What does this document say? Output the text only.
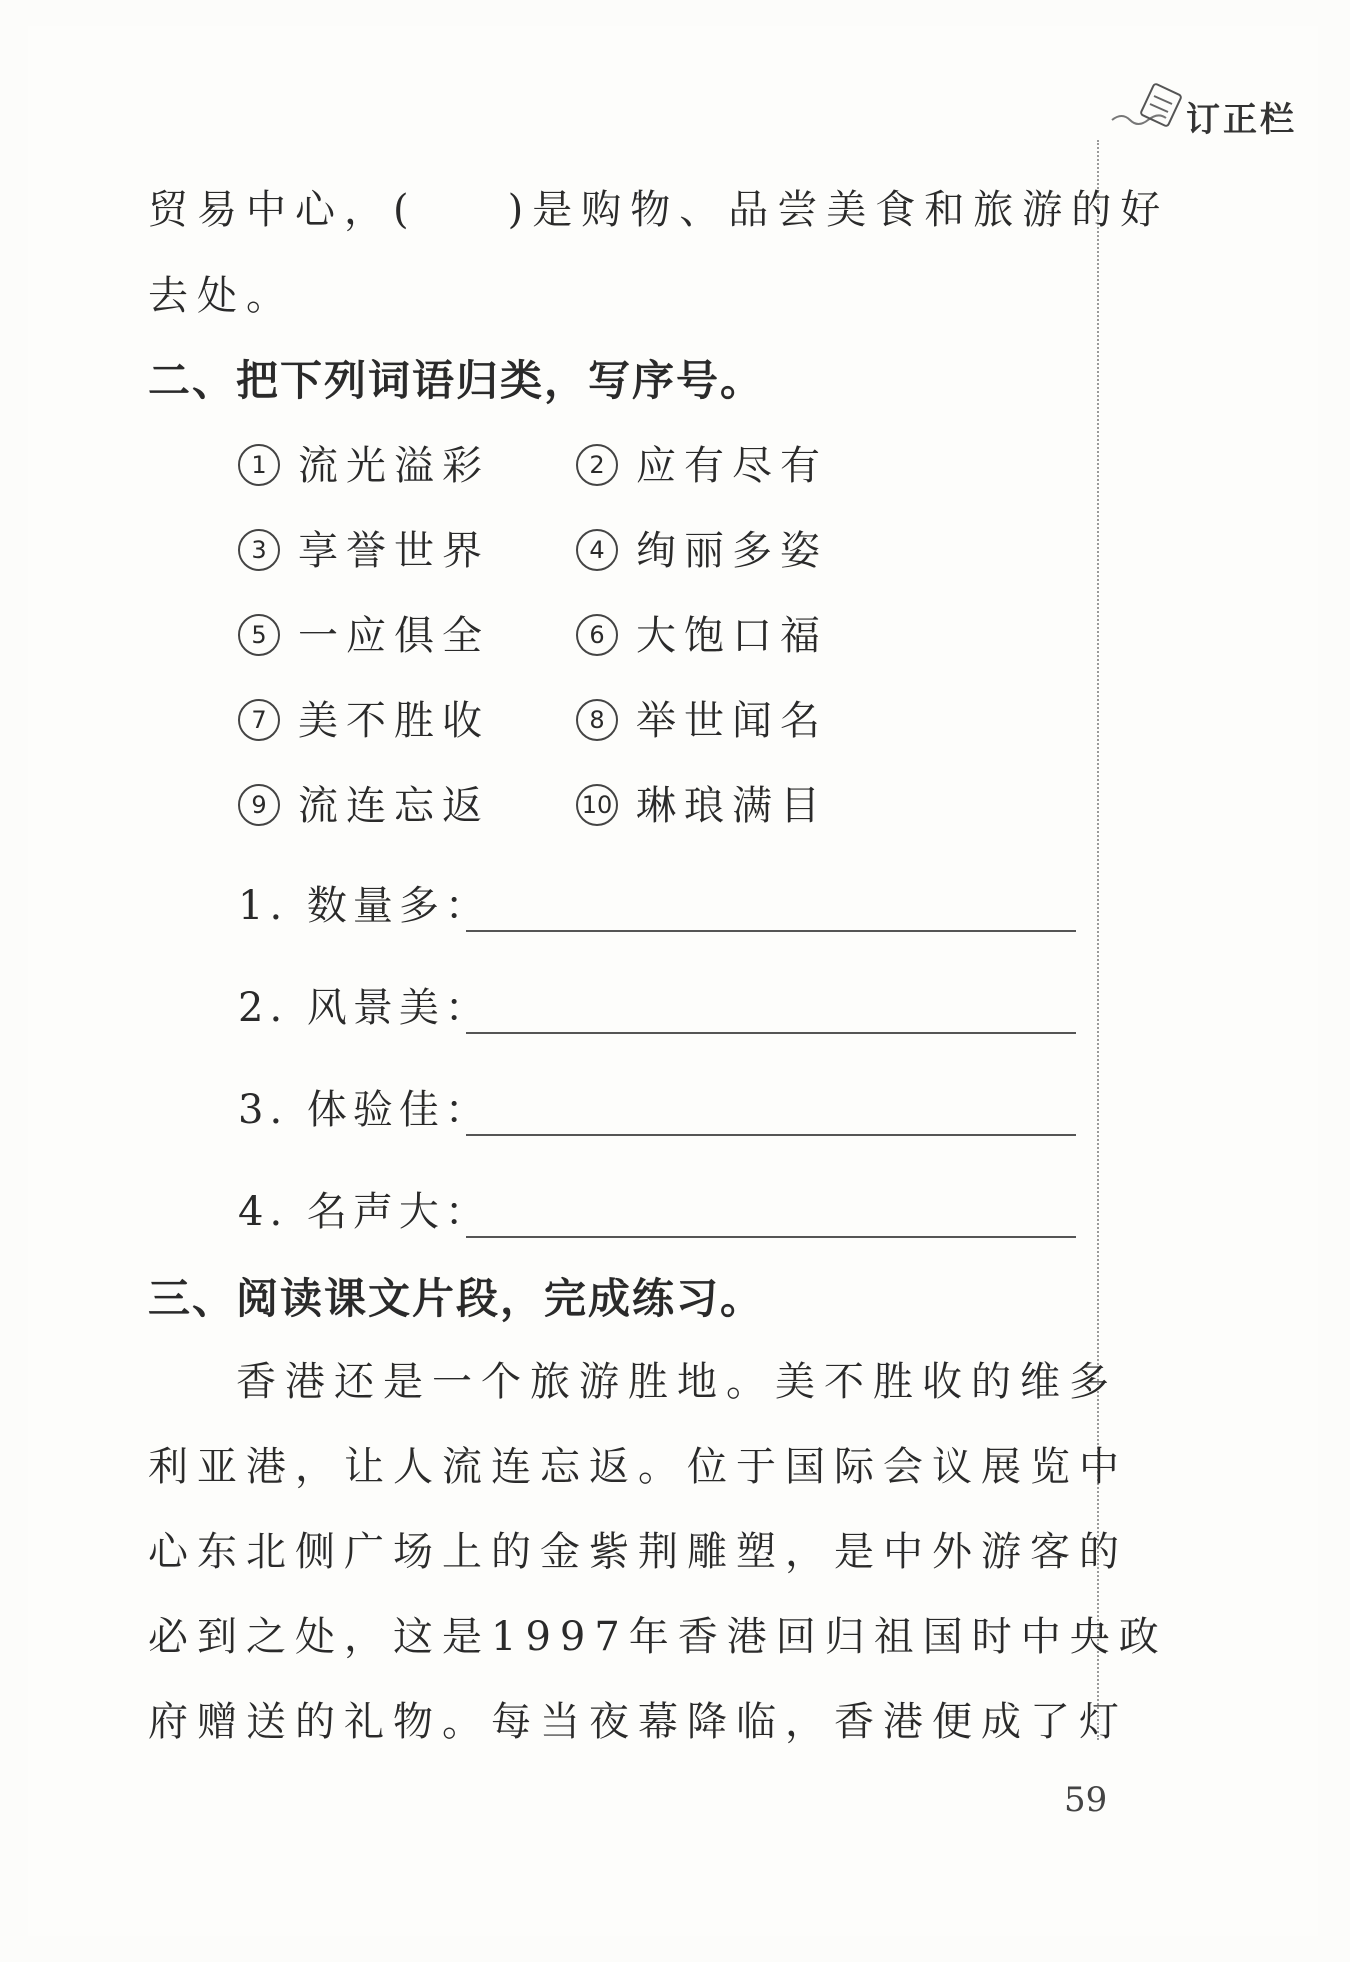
订正栏
贸易中心，( )是购物、品尝美食和旅游的好
去处。
二、把下列词语归类，写序号。
1 流光溢彩	2 应有尽有
3 享誉世界	4 绚丽多姿
5 一应俱全	6 大饱口福
7 美不胜收	8 举世闻名
9 流连忘返	10 琳琅满目
1. 数量多：
2. 风景美：
3. 体验佳：
4. 名声大：
三、阅读课文片段，完成练习。
香港还是一个旅游胜地。美不胜收的维多
利亚港，让人流连忘返。位于国际会议展览中
心东北侧广场上的金紫荆雕塑，是中外游客的
必到之处，这是1997年香港回归祖国时中央政
府赠送的礼物。每当夜幕降临，香港便成了灯
59
